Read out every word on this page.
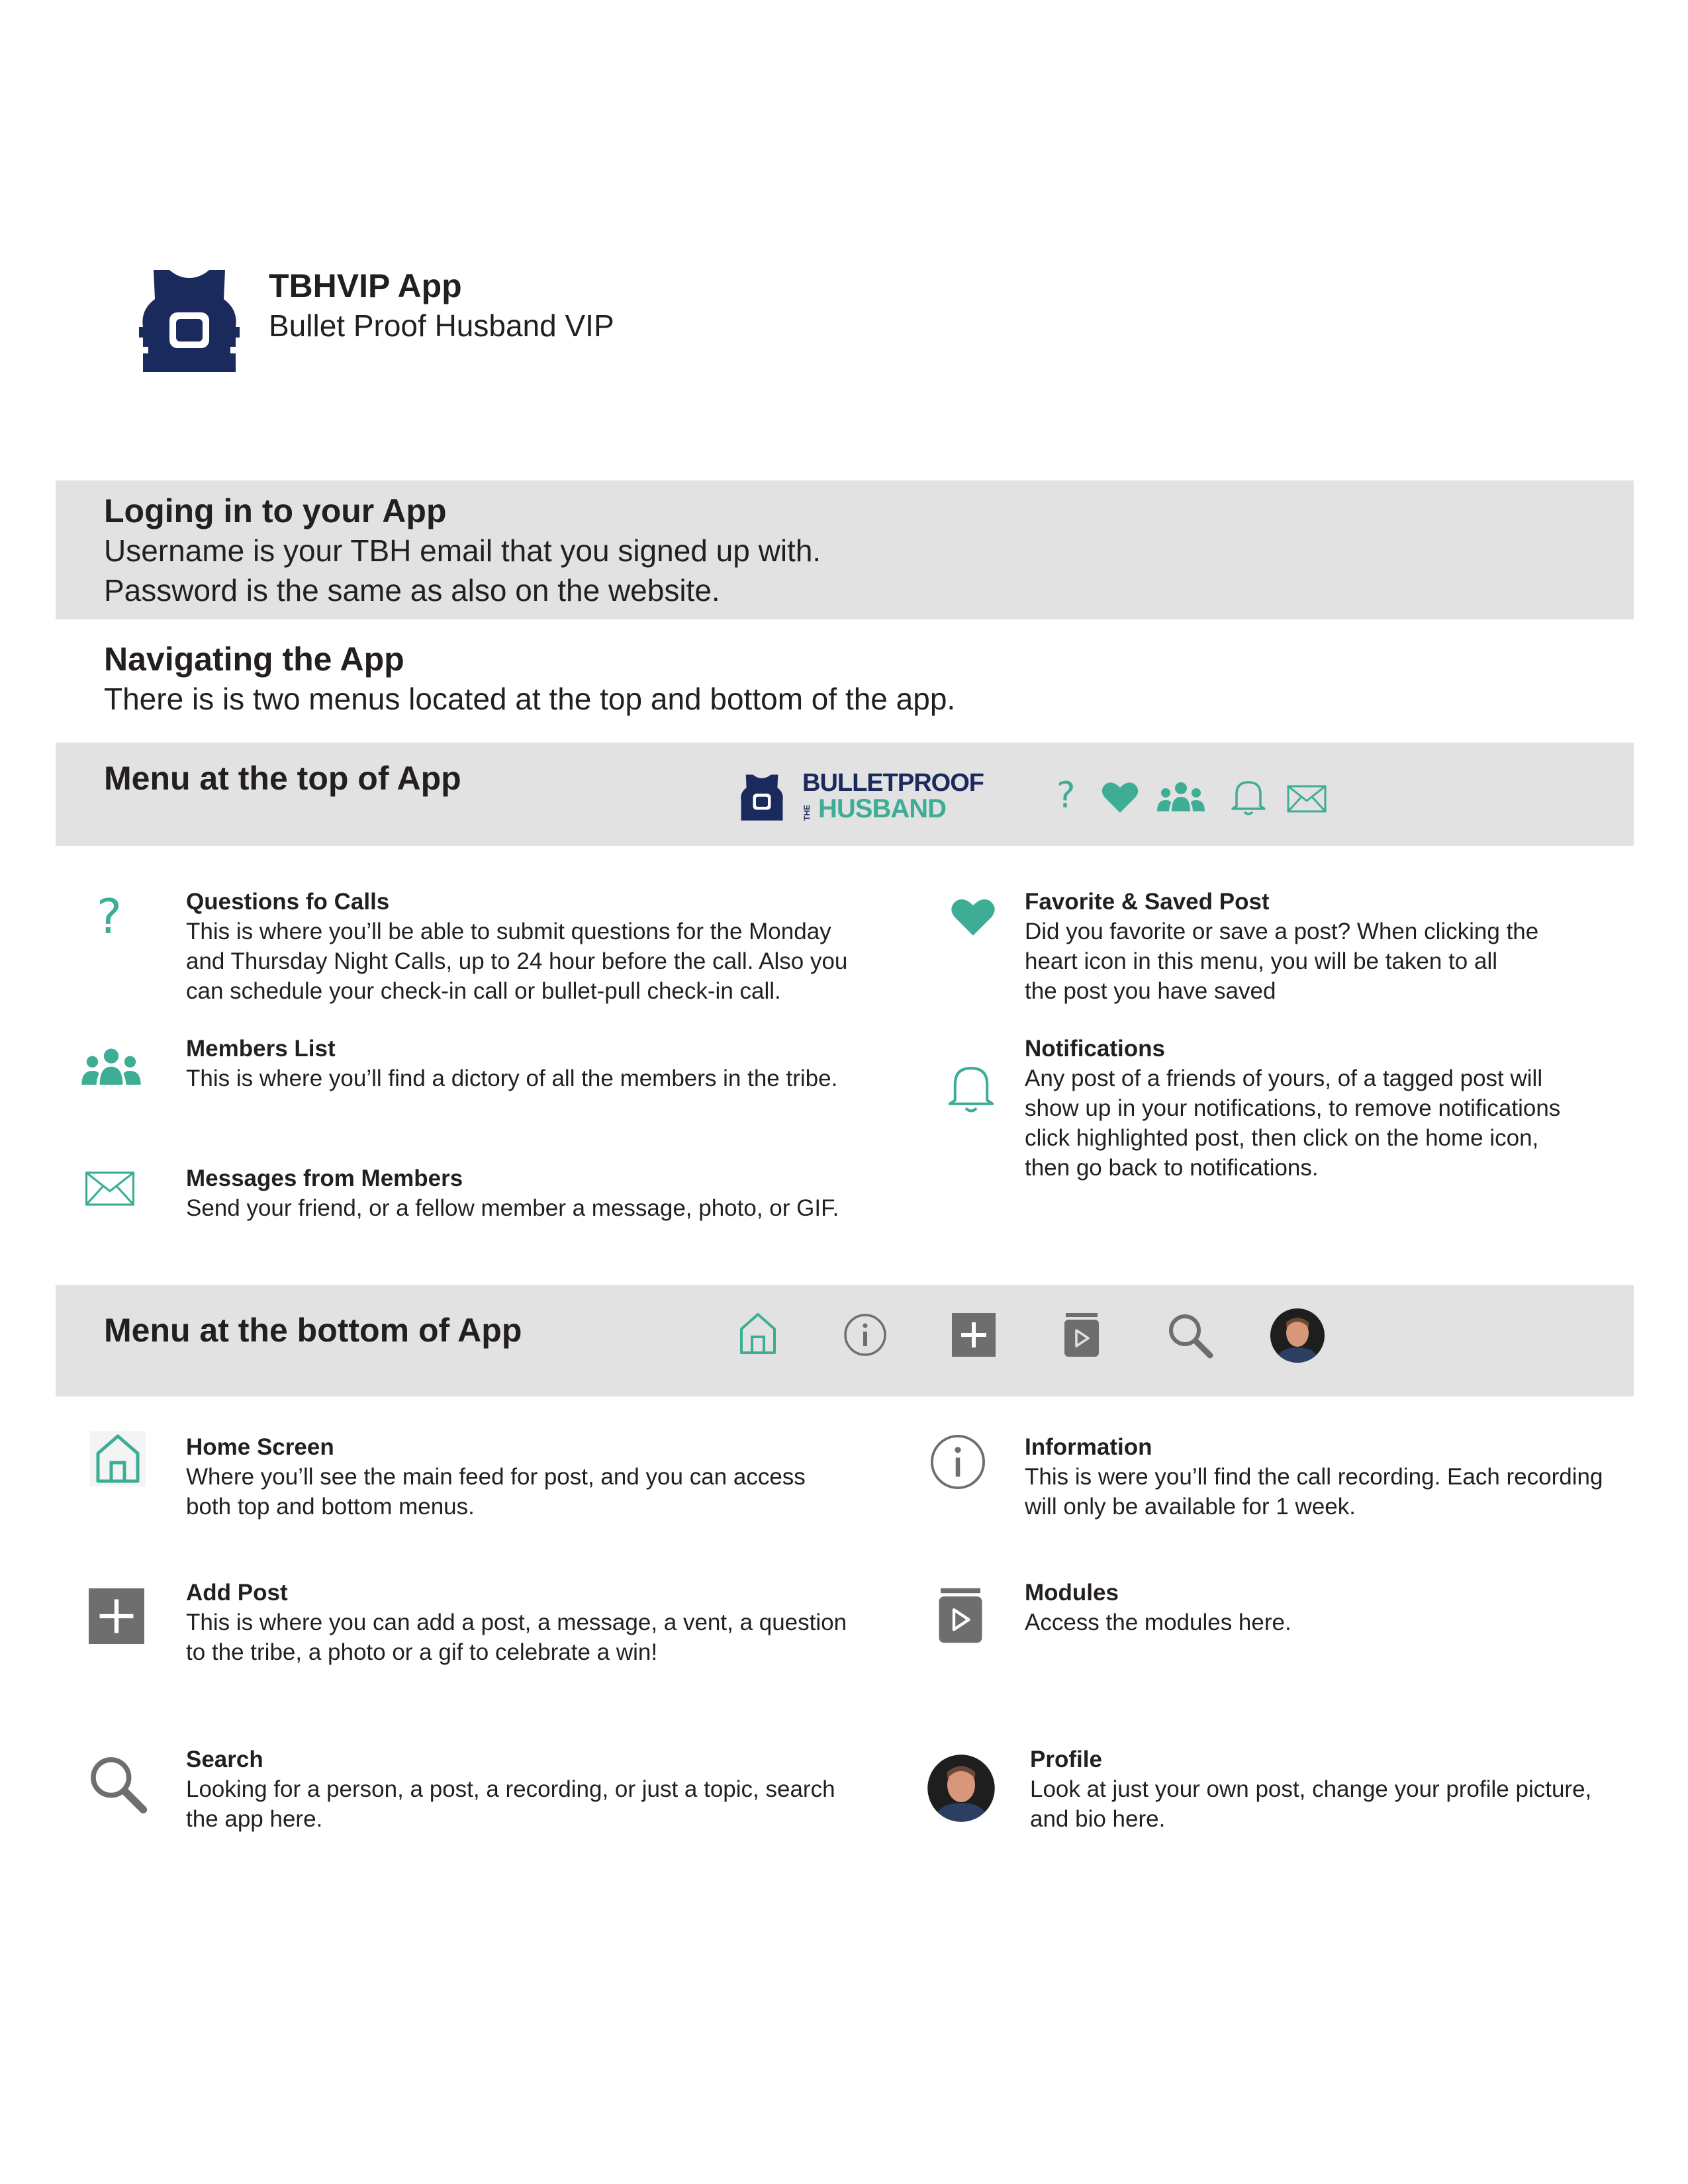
TBHVIP App
Bullet Proof Husband VIP
Loging in to your App
Username is your TBH email that you signed up with.
Password is the same as also on the website.
Navigating the App
There is is two menus located at the top and bottom of the app.
Menu at the top of App	BULLETPROOF
THE HUSBAND	?
?	Questions fo Calls
This is where you’ll be able to submit questions for the Monday
and Thursday Night Calls, up to 24 hour before the call. Also you
can schedule your check-in call or bullet-pull check-in call.
Favorite & Saved Post
Did you favorite or save a post? When clicking the
heart icon in this menu, you will be taken to all
the post you have saved
Members List
This is where you’ll find a dictory of all the members in the tribe.
Notifications
Any post of a friends of yours, of a tagged post will
show up in your notifications, to remove notifications
click highlighted post, then click on the home icon,
then go back to notifications.
Messages from Members
Send your friend, or a fellow member a message, photo, or GIF.
Menu at the bottom of App
Home Screen
Where you’ll see the main feed for post, and you can access
both top and bottom menus.
Information
This is were you’ll find the call recording. Each recording
will only be available for 1 week.
Add Post
This is where you can add a post, a message, a vent, a question
to the tribe, a photo or a gif to celebrate a win!
Modules
Access the modules here.
Search
Looking for a person, a post, a recording, or just a topic, search
the app here.
Profile
Look at just your own post, change your profile picture,
and bio here.
